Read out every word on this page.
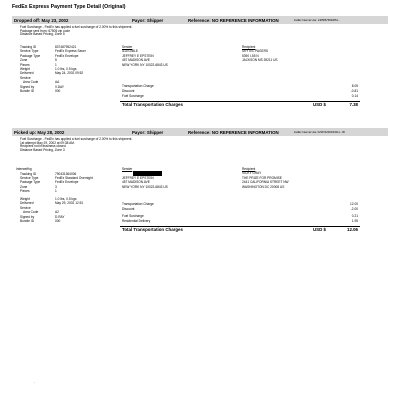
FedEx Express Payment Type Detail (Original)
Dropped off: May 23, 2002	Payor: Shipper	Reference: NO REFERENCE INFORMATION	FedEx Internal Use: 14058676690651...
Fuel Surcharge - FedEx has applied a fuel surcharge of 2.00% to this shipment.
Package sent from: 67505 zip code
Distance Based Pricing, Zone 5
Tracking ID	837487952421
Service Type	FedEx Express Saver
Package Type	FedEx Envelope
Zone	5
Pieces	1
Weight	1.0 lbs, 0.5 kgs
Delivered	May 24, 2002 09:52
Service
Area Code	AA
Signed by	V.DAY
Bundle ID	000
Sender
ILLEGIBLE
JEFFREY E EPSTEIN
457 MADISON AVE
NEW YORK NY 10022-6843 US
Recipient
SKYTEL PAGERS
5390 I-55 N
JACKSON MS 39211 US
Transportation Charge	8.05
Discount	-0.81
Fuel Surcharge	0.14
Total Transportation Charges	USD $	7.38
Picked up: May 28, 2002	Payor: Shipper	Reference: NO REFERENCE INFORMATION	FedEx Internal Use: 0236742064/03211...06
Fuel Surcharge - FedEx has applied a fuel surcharge of 2.00% to this shipment.
1st attempt May 29, 2002 at 09:38 AM.
Recipient not in/business closed.
Distance Based Pricing, Zone 3
Interweifhg
Tracking ID	790431364006
Service Type	FedEx Standard Overnight
Package Type	FedEx Envelope
Zone	3
Pieces	1
Weight	1.0 lbs, 0.5 kgs
Delivered	May 29, 2002 12:51
Service
Area Code	A2
Signed by	D.RAY
Bundle ID	000
Sender
JEFFREY E EPSTEIN
457 MADISON AVE
NEW YORK NY 10022-6843 US
Recipient
VICKY GRAY
THE PRIZE FOR PROMISE
2441 CALIFORNIA STREET NW
WASHINGTON DC 20008 US
Transportation Charge	12.00
Discount	-2.00
Fuel Surcharge	0.21
Residential Delivery	1.95
Total Transportation Charges	USD $	12.06
.
